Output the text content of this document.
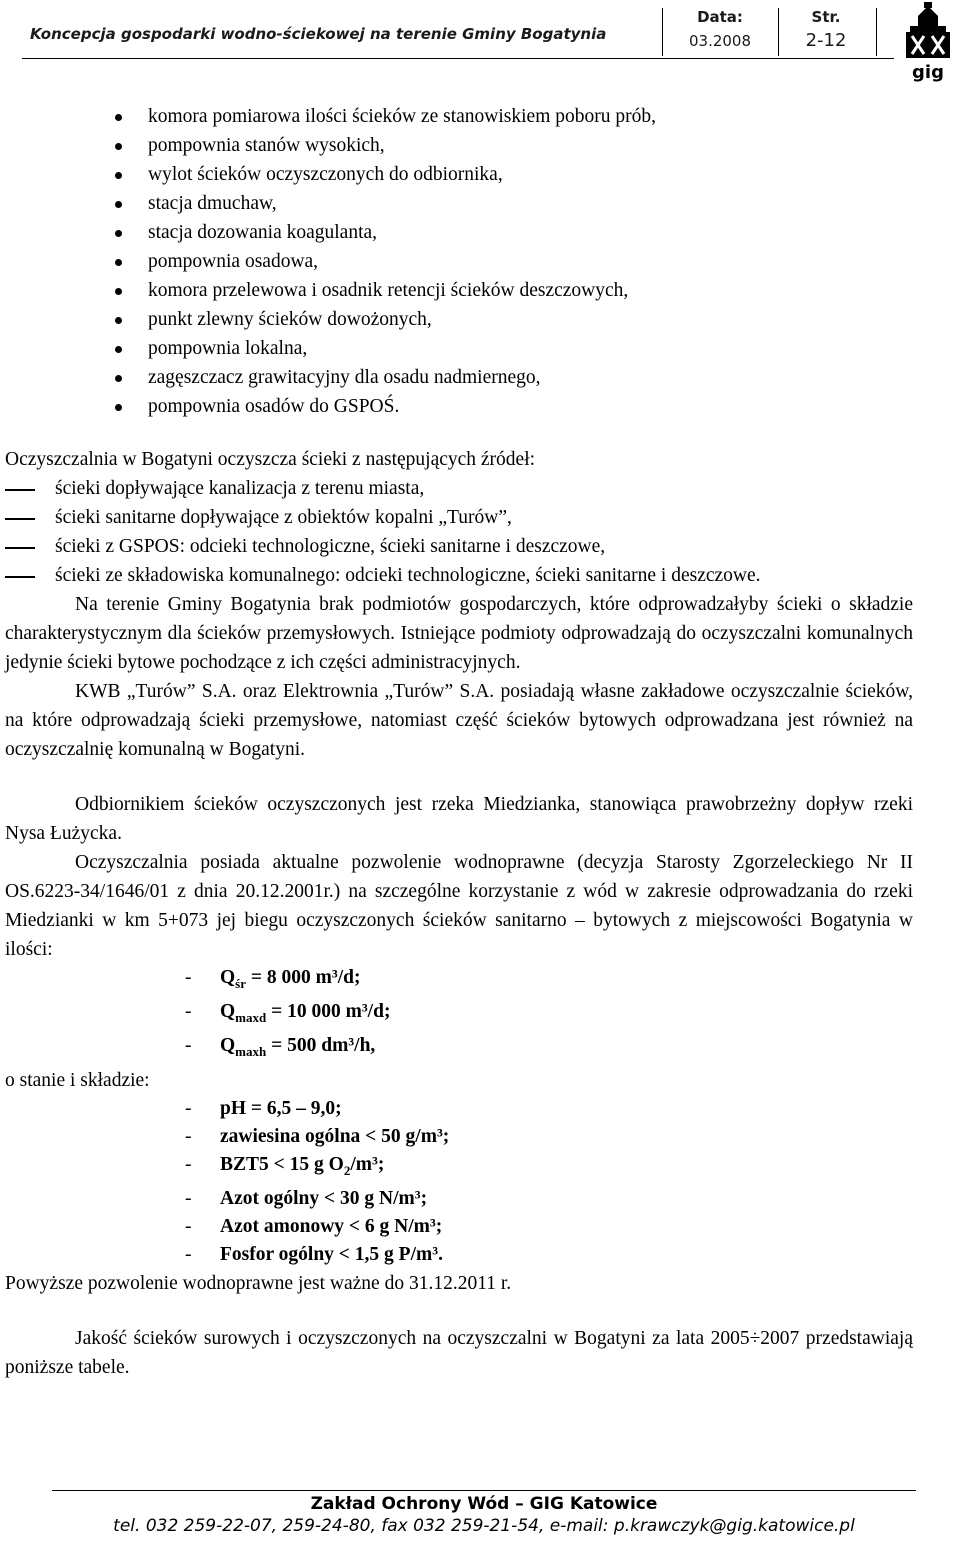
Koncepcja gospodarki wodno-ściekowej na terenie Gminy Bogatynia
Data:
03.2008
Str.
2-12
gig
komora pomiarowa ilości ścieków ze stanowiskiem poboru prób,
pompownia stanów wysokich,
wylot ścieków oczyszczonych do odbiornika,
stacja dmuchaw,
stacja dozowania koagulanta,
pompownia osadowa,
komora przelewowa i osadnik retencji ścieków deszczowych,
punkt zlewny ścieków dowożonych,
pompownia lokalna,
zagęszczacz grawitacyjny dla osadu nadmiernego,
pompownia osadów do GSPOŚ.

Oczyszczalnia w Bogatyni oczyszcza ścieki z następujących źródeł:

ścieki dopływające kanalizacja z terenu miasta,
ścieki sanitarne dopływające z obiektów kopalni „Turów”,
ścieki z GSPOS: odcieki technologiczne, ścieki sanitarne i deszczowe,
ścieki ze składowiska komunalnego: odcieki technologiczne, ścieki sanitarne i deszczowe.

Na terenie Gminy Bogatynia brak podmiotów gospodarczych, które odprowadzałyby ścieki o składzie charakterystycznym dla ścieków przemysłowych. Istniejące podmioty odprowadzają do oczyszczalni komunalnych jedynie ścieki bytowe pochodzące z ich części administracyjnych.

KWB „Turów” S.A. oraz Elektrownia „Turów” S.A. posiadają własne zakładowe oczyszczalnie ścieków, na które odprowadzają ścieki przemysłowe, natomiast część ścieków bytowych odprowadzana jest również na oczyszczalnię komunalną w Bogatyni.

Odbiornikiem ścieków oczyszczonych jest rzeka Miedzianka, stanowiąca prawobrzeżny dopływ rzeki Nysa Łużycka.

Oczyszczalnia posiada aktualne pozwolenie wodnoprawne (decyzja Starosty Zgorzeleckiego Nr II OS.6223-34/1646/01 z dnia 20.12.2001r.) na szczególne korzystanie z wód w zakresie odprowadzania do rzeki Miedzianki w km 5+073 jej biegu oczyszczonych ścieków sanitarno – bytowych z miejscowości Bogatynia w ilości:

- $Q_{śr} = 8$ 000 m³/d;
- $Q_{maxd} = 10$ 000 m³/d;
- $Q_{maxh} = 500$ dm³/h,

o stanie i składzie:

- pH = 6,5 – 9,0;
- zawiesina ogólna < 50 g/m³;
- BZT5 < 15 g $O_2/m^3$;
- Azot ogólny < 30 g N/m³;
- Azot amonowy < 6 g N/m³;
- Fosfor ogólny < 1,5 g P/m³.

Powyższe pozwolenie wodnoprawne jest ważne do 31.12.2011 r.

Jakość ścieków surowych i oczyszczonych na oczyszczalni w Bogatyni za lata 2005÷2007 przedstawiają poniższe tabele.

Zakład Ochrony Wód – GIG Katowice
tel. 032 259-22-07, 259-24-80, fax 032 259-21-54, e-mail: p.krawczyk@gig.katowice.pl
